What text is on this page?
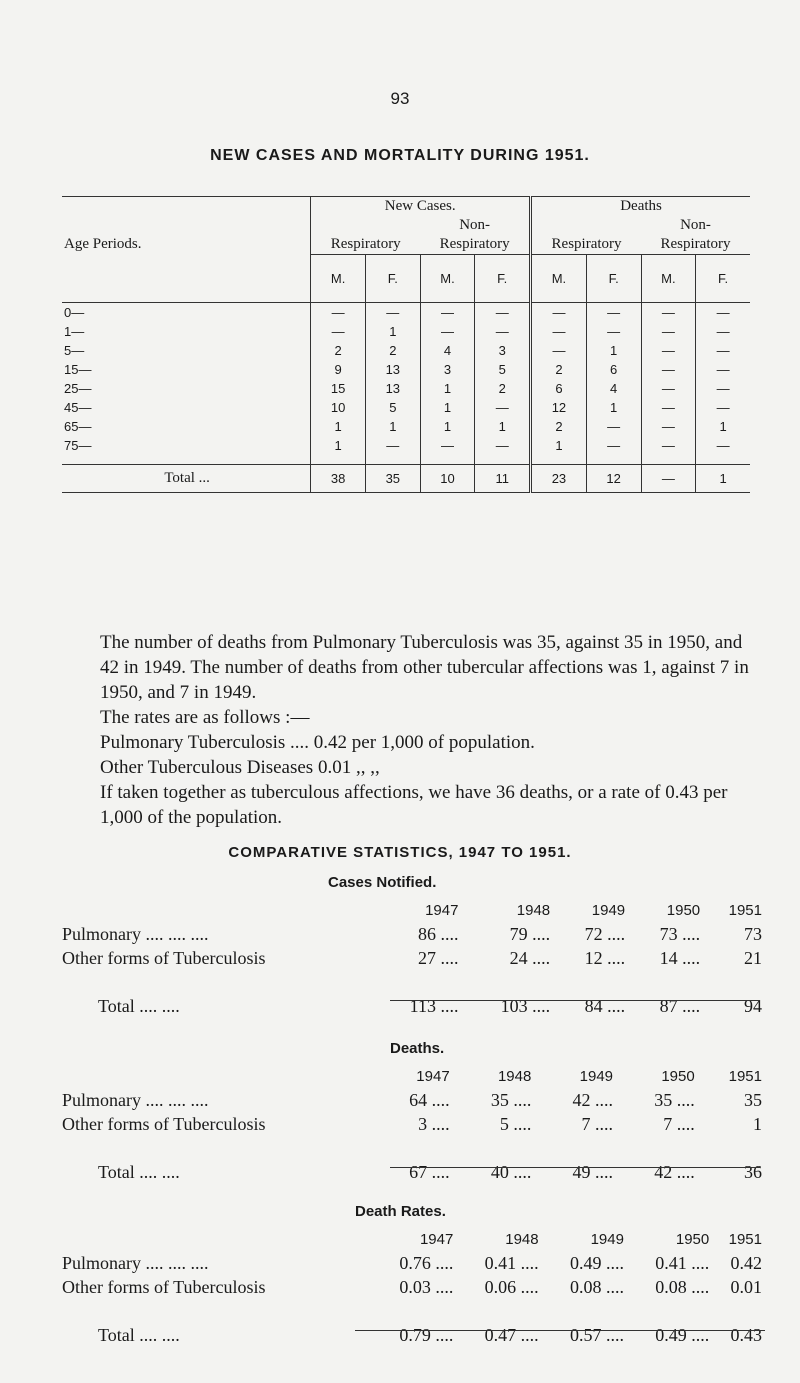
93
NEW CASES AND MORTALITY DURING 1951.
Age Periods.	New Cases.				Deaths			
			Non-				Non-	
	Respiratory		Respiratory		Respiratory		Respiratory	
	M.	F.	M.	F.	M.	F.	M.	F.
0—	—	—	—	—	—	—	—	—
1—	—	1	—	—	—	—	—	—
5—	2	2	4	3	—	1	—	—
15—	9	13	3	5	2	6	—	—
25—	15	13	1	2	6	4	—	—
45—	10	5	1	—	12	1	—	—
65—	1	1	1	1	2	—	—	1
75—	1	—	—	—	1	—	—	—

Total ...	38	35	10	11	23	12	—	1

The number of deaths from Pulmonary Tuberculosis was 35, against 35 in 1950, and 42 in 1949. The number of deaths from other tubercular affections was 1, against 7 in 1950, and 7 in 1949.

The rates are as follows :—

Pulmonary Tuberculosis .... 0.42 per 1,000 of population.

Other Tuberculous Diseases 0.01 ,, ,,

If taken together as tuberculous affections, we have 36 deaths, or a rate of 0.43 per 1,000 of the population.

COMPARATIVE STATISTICS, 1947 TO 1951.
Cases Notified.
	1947	1948	1949	1950	1951
Pulmonary .... .... ....	86 ....	79 ....	72 ....	73 ....	73
Other forms of Tuberculosis	27 ....	24 ....	12 ....	14 ....	21

Total .... ....	113 ....	103 ....	84 ....	87 ....	94
Deaths.
	1947	1948	1949	1950	1951
Pulmonary .... .... ....	64 ....	35 ....	42 ....	35 ....	35
Other forms of Tuberculosis	3 ....	5 ....	7 ....	7 ....	1

Total .... ....	67 ....	40 ....	49 ....	42 ....	36
Death Rates.
	1947	1948	1949	1950	1951
Pulmonary .... .... ....	0.76 ....	0.41 ....	0.49 ....	0.41 ....	0.42
Other forms of Tuberculosis	0.03 ....	0.06 ....	0.08 ....	0.08 ....	0.01

Total .... ....	0.79 ....	0.47 ....	0.57 ....	0.49 ....	0.43
